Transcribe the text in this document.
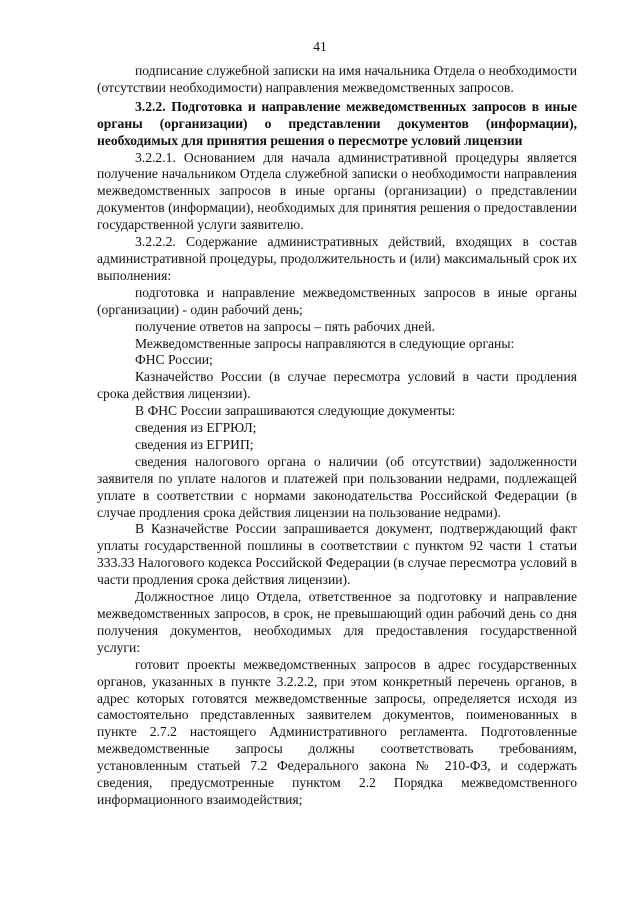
41

подписание служебной записки на имя начальника Отдела о необходимости (отсутствии необходимости) направления межведомственных запросов.

3.2.2. Подготовка и направление межведомственных запросов в иные органы (организации) о представлении документов (информации), необходимых для принятия решения о пересмотре условий лицензии

3.2.2.1. Основанием для начала административной процедуры является получение начальником Отдела служебной записки о необходимости направления межведомственных запросов в иные органы (организации) о представлении документов (информации), необходимых для принятия решения о предоставлении государственной услуги заявителю.

3.2.2.2. Содержание административных действий, входящих в состав административной процедуры, продолжительность и (или) максимальный срок их выполнения:

подготовка и направление межведомственных запросов в иные органы (организации) - один рабочий день;

получение ответов на запросы – пять рабочих дней.

Межведомственные запросы направляются в следующие органы:

ФНС России;

Казначейство России (в случае пересмотра условий в части продления срока действия лицензии).

В ФНС России запрашиваются следующие документы:

сведения из ЕГРЮЛ;

сведения из ЕГРИП;

сведения налогового органа о наличии (об отсутствии) задолженности заявителя по уплате налогов и платежей при пользовании недрами, подлежащей уплате в соответствии с нормами законодательства Российской Федерации (в случае продления срока действия лицензии на пользование недрами).

В Казначействе России запрашивается документ, подтверждающий факт уплаты государственной пошлины в соответствии с пунктом 92 части 1 статьи 333.33 Налогового кодекса Российской Федерации (в случае пересмотра условий в части продления срока действия лицензии).

Должностное лицо Отдела, ответственное за подготовку и направление межведомственных запросов, в срок, не превышающий один рабочий день со дня получения документов, необходимых для предоставления государственной услуги:

готовит проекты межведомственных запросов в адрес государственных органов, указанных в пункте 3.2.2.2, при этом конкретный перечень органов, в адрес которых готовятся межведомственные запросы, определяется исходя из самостоятельно представленных заявителем документов, поименованных в пункте 2.7.2 настоящего Административного регламента. Подготовленные межведомственные запросы должны соответствовать требованиям, установленным статьей 7.2 Федерального закона № 210-ФЗ, и содержать сведения, предусмотренные пунктом 2.2 Порядка межведомственного информационного взаимодействия;
